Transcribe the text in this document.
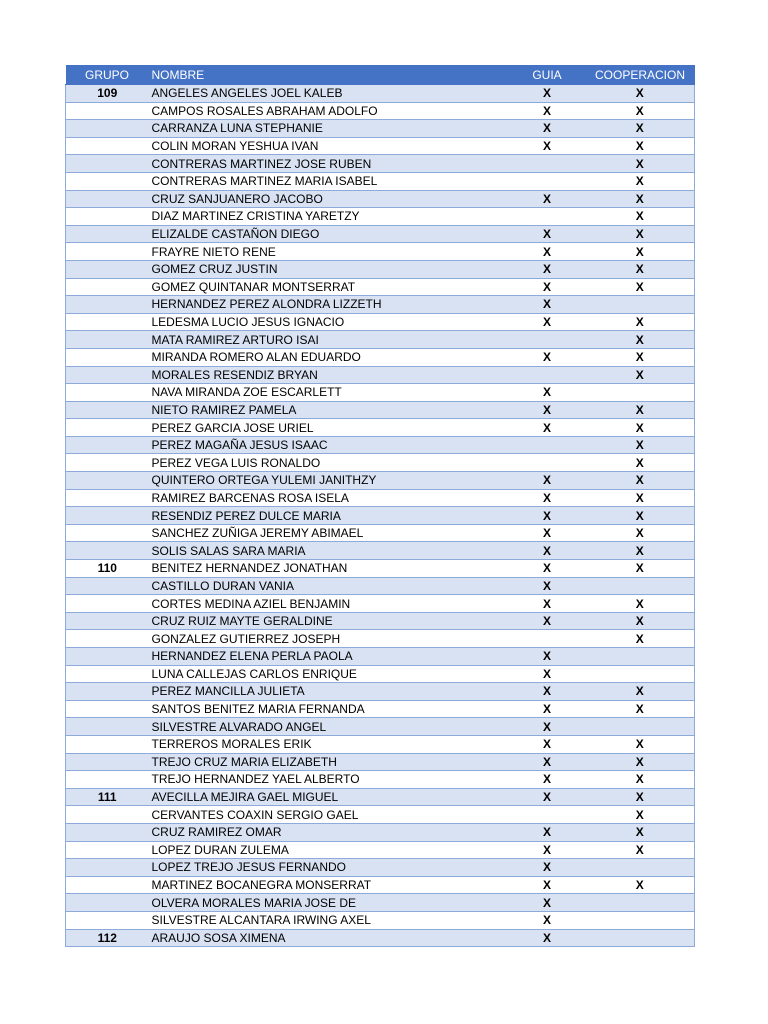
GRUPO	NOMBRE	GUIA	COOPERACION
109	ANGELES ANGELES JOEL KALEB	X	X
	CAMPOS ROSALES ABRAHAM ADOLFO	X	X
	CARRANZA LUNA STEPHANIE	X	X
	COLIN MORAN YESHUA IVAN	X	X
	CONTRERAS MARTINEZ JOSE RUBEN		X
	CONTRERAS MARTINEZ MARIA ISABEL		X
	CRUZ SANJUANERO JACOBO	X	X
	DIAZ MARTINEZ CRISTINA YARETZY		X
	ELIZALDE CASTAÑON DIEGO	X	X
	FRAYRE NIETO RENE	X	X
	GOMEZ CRUZ JUSTIN	X	X
	GOMEZ QUINTANAR MONTSERRAT	X	X
	HERNANDEZ PEREZ ALONDRA LIZZETH	X	
	LEDESMA LUCIO JESUS IGNACIO	X	X
	MATA RAMIREZ ARTURO ISAI		X
	MIRANDA ROMERO ALAN EDUARDO	X	X
	MORALES RESENDIZ BRYAN		X
	NAVA MIRANDA ZOE ESCARLETT	X	
	NIETO RAMIREZ PAMELA	X	X
	PEREZ GARCIA JOSE URIEL	X	X
	PEREZ MAGAÑA JESUS ISAAC		X
	PEREZ VEGA LUIS RONALDO		X
	QUINTERO ORTEGA YULEMI JANITHZY	X	X
	RAMIREZ BARCENAS ROSA ISELA	X	X
	RESENDIZ PEREZ DULCE MARIA	X	X
	SANCHEZ ZUÑIGA JEREMY ABIMAEL	X	X
	SOLIS SALAS SARA MARIA	X	X
110	BENITEZ HERNANDEZ JONATHAN	X	X
	CASTILLO DURAN VANIA	X	
	CORTES MEDINA AZIEL BENJAMIN	X	X
	CRUZ RUIZ MAYTE GERALDINE	X	X
	GONZALEZ GUTIERREZ JOSEPH		X
	HERNANDEZ ELENA PERLA PAOLA	X	
	LUNA CALLEJAS CARLOS ENRIQUE	X	
	PEREZ MANCILLA JULIETA	X	X
	SANTOS BENITEZ MARIA FERNANDA	X	X
	SILVESTRE ALVARADO ANGEL	X	
	TERREROS MORALES ERIK	X	X
	TREJO CRUZ MARIA ELIZABETH	X	X
	TREJO HERNANDEZ YAEL ALBERTO	X	X
111	AVECILLA MEJIRA GAEL MIGUEL	X	X
	CERVANTES COAXIN SERGIO GAEL		X
	CRUZ RAMIREZ OMAR	X	X
	LOPEZ DURAN ZULEMA	X	X
	LOPEZ TREJO JESUS FERNANDO	X	
	MARTINEZ BOCANEGRA MONSERRAT	X	X
	OLVERA MORALES MARIA JOSE DE	X	
	SILVESTRE ALCANTARA IRWING AXEL	X	
112	ARAUJO SOSA XIMENA	X	
